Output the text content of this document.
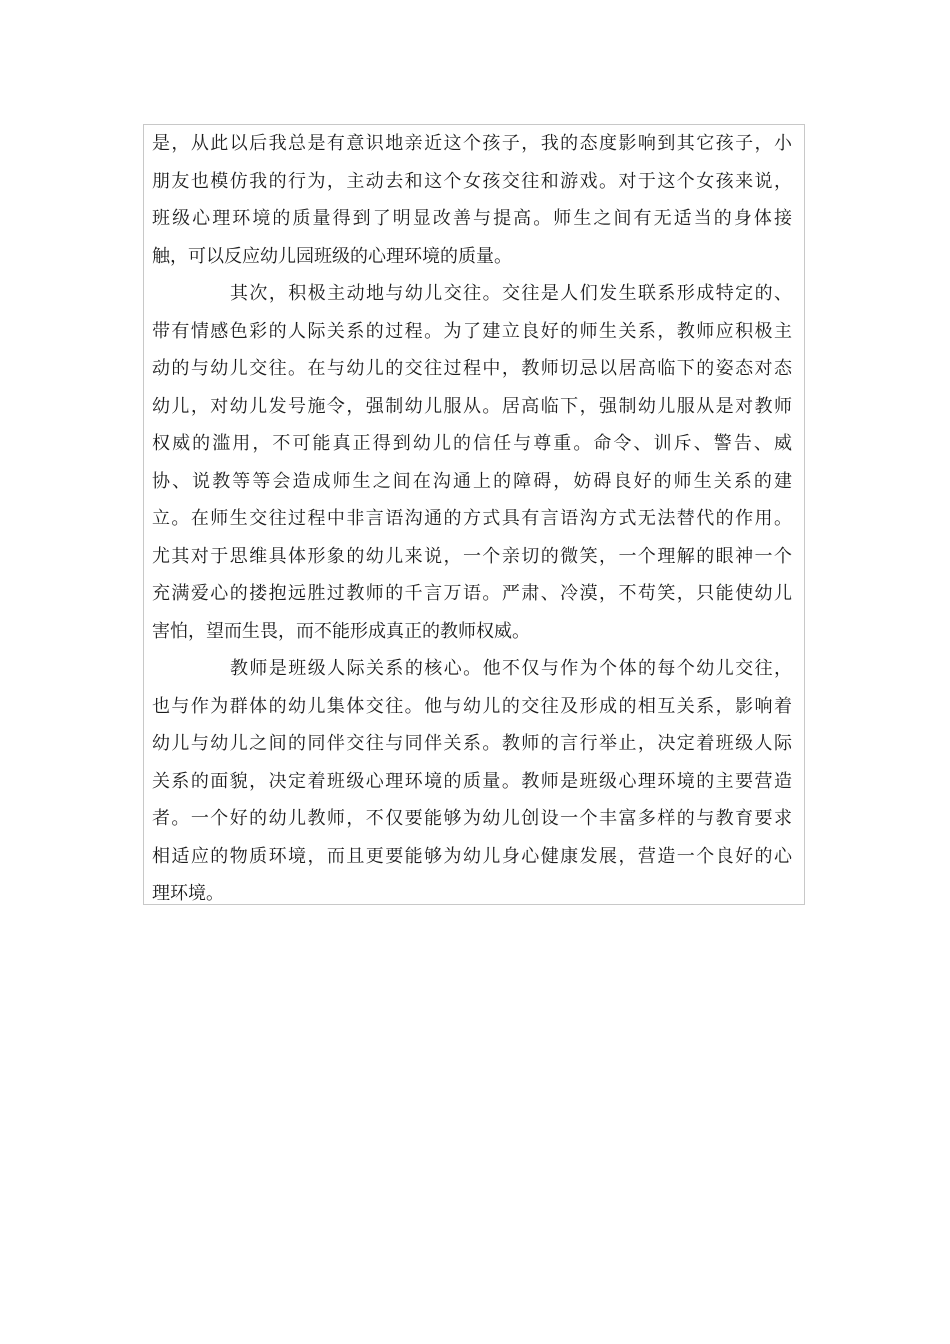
是，从此以后我总是有意识地亲近这个孩子，我的态度影响到其它孩子，小
朋友也模仿我的行为，主动去和这个女孩交往和游戏。对于这个女孩来说，
班级心理环境的质量得到了明显改善与提高。师生之间有无适当的身体接
触，可以反应幼儿园班级的心理环境的质量。
其次，积极主动地与幼儿交往。交往是人们发生联系形成特定的、
带有情感色彩的人际关系的过程。为了建立良好的师生关系，教师应积极主
动的与幼儿交往。在与幼儿的交往过程中，教师切忌以居高临下的姿态对态
幼儿，对幼儿发号施令，强制幼儿服从。居高临下，强制幼儿服从是对教师
权威的滥用，不可能真正得到幼儿的信任与尊重。命令、训斥、警告、威
协、说教等等会造成师生之间在沟通上的障碍，妨碍良好的师生关系的建
立。在师生交往过程中非言语沟通的方式具有言语沟方式无法替代的作用。
尤其对于思维具体形象的幼儿来说，一个亲切的微笑，一个理解的眼神一个
充满爱心的搂抱远胜过教师的千言万语。严肃、冷漠，不苟笑，只能使幼儿
害怕，望而生畏，而不能形成真正的教师权威。
教师是班级人际关系的核心。他不仅与作为个体的每个幼儿交往，
也与作为群体的幼儿集体交往。他与幼儿的交往及形成的相互关系，影响着
幼儿与幼儿之间的同伴交往与同伴关系。教师的言行举止，决定着班级人际
关系的面貌，决定着班级心理环境的质量。教师是班级心理环境的主要营造
者。一个好的幼儿教师，不仅要能够为幼儿创设一个丰富多样的与教育要求
相适应的物质环境，而且更要能够为幼儿身心健康发展，营造一个良好的心
理环境。
